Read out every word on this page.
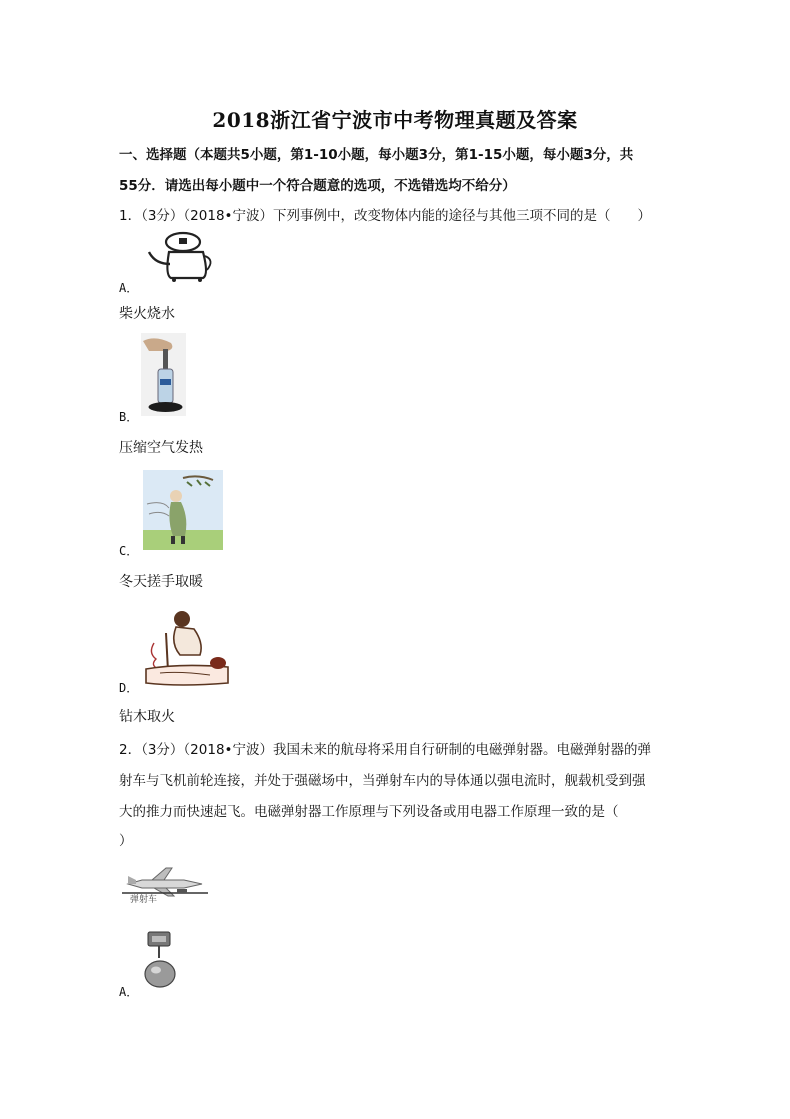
2018浙江省宁波市中考物理真题及答案
一、选择题（本题共5小题，第1-10小题，每小题3分，第1-15小题，每小题3分，共
55分．请选出每小题中一个符合题意的选项，不选错选均不给分）
1．（3分）（2018•宁波）下列事例中，改变物体内能的途径与其他三项不同的是（　　）
A．
柴火烧水
B．
压缩空气发热
C．
冬天搓手取暖
D．
钻木取火
2．（3分）（2018•宁波）我国未来的航母将采用自行研制的电磁弹射器。电磁弹射器的弹
射车与飞机前轮连接，并处于强磁场中，当弹射车内的导体通以强电流时，舰载机受到强
大的推力而快速起飞。电磁弹射器工作原理与下列设备或用电器工作原理一致的是（
）
弹射车
A．
